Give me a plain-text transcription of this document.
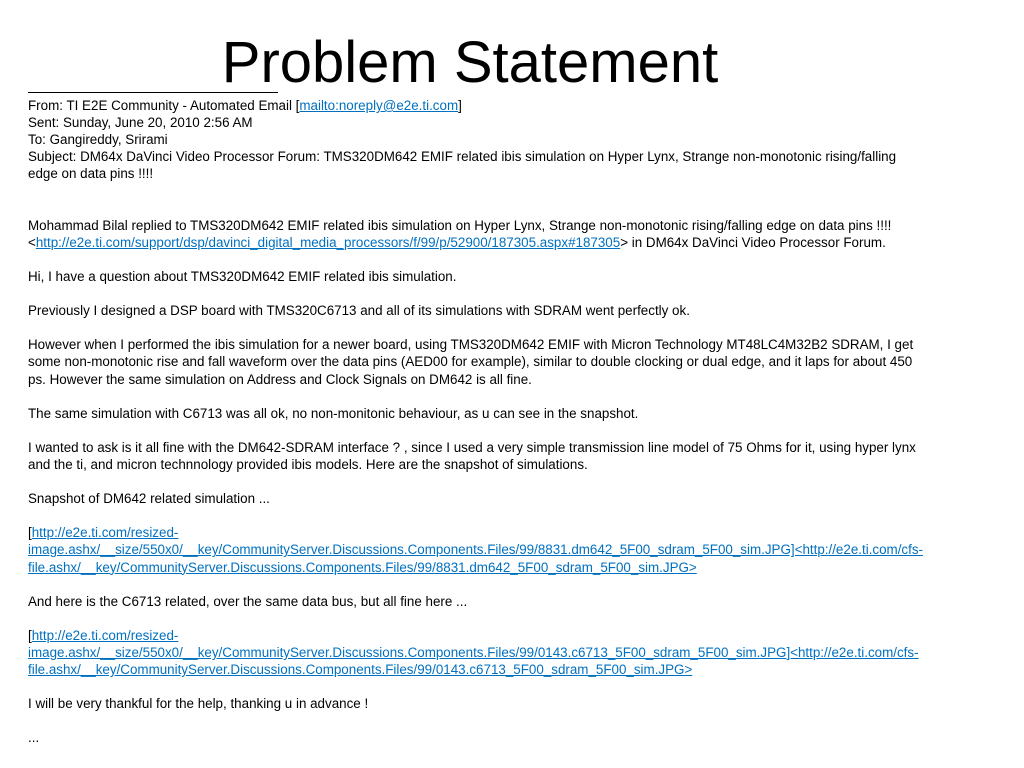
Problem Statement

From: TI E2E Community - Automated Email [mailto:noreply@e2e.ti.com]

Sent: Sunday, June 20, 2010 2:56 AM

To: Gangireddy, Srirami

Subject: DM64x DaVinci Video Processor Forum: TMS320DM642 EMIF related ibis simulation on Hyper Lynx, Strange non-monotonic rising/falling edge on data pins !!!!

Mohammad Bilal replied to TMS320DM642 EMIF related ibis simulation on Hyper Lynx, Strange non-monotonic rising/falling edge on data pins !!!!<http://e2e.ti.com/support/dsp/davinci_digital_media_processors/f/99/p/52900/187305.aspx#187305> in DM64x DaVinci Video Processor Forum.

Hi, I have a question about TMS320DM642 EMIF related ibis simulation.

Previously I designed a DSP board with TMS320C6713 and all of its simulations with SDRAM went perfectly ok.

However when I performed the ibis simulation for a newer board, using TMS320DM642 EMIF with Micron Technology MT48LC4M32B2 SDRAM, I get some non-monotonic rise and fall waveform over the data pins (AED00 for example), similar to double clocking or dual edge, and it laps for about 450 ps. However the same simulation on Address and Clock Signals on DM642 is all fine.

The same simulation with C6713 was all ok, no non-monitonic behaviour, as u can see in the snapshot.

I wanted to ask is it all fine with the DM642-SDRAM interface ? , since I used a very simple transmission line model of 75 Ohms for it, using hyper lynx and the ti, and micron technnology provided ibis models. Here are the snapshot of simulations.

Snapshot of DM642 related simulation ...

[http://e2e.ti.com/resized-image.ashx/__size/550x0/__key/CommunityServer.Discussions.Components.Files/99/8831.dm642_5F00_sdram_5F00_sim.JPG]<http://e2e.ti.com/cfs-file.ashx/__key/CommunityServer.Discussions.Components.Files/99/8831.dm642_5F00_sdram_5F00_sim.JPG>

And here is the C6713 related, over the same data bus, but all fine here ...

[http://e2e.ti.com/resized-image.ashx/__size/550x0/__key/CommunityServer.Discussions.Components.Files/99/0143.c6713_5F00_sdram_5F00_sim.JPG]<http://e2e.ti.com/cfs-file.ashx/__key/CommunityServer.Discussions.Components.Files/99/0143.c6713_5F00_sdram_5F00_sim.JPG>

I will be very thankful for the help, thanking u in advance !

...
